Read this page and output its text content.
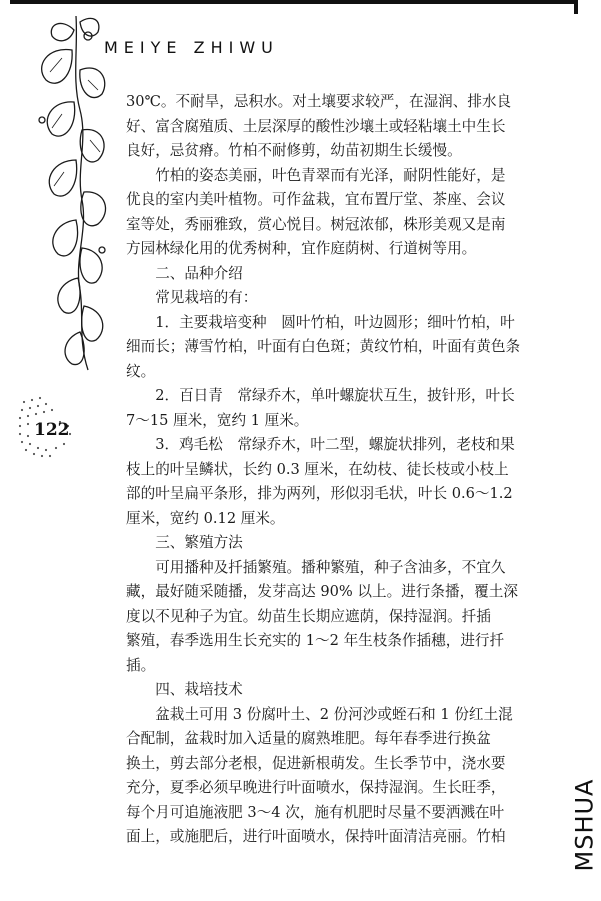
MEIYE ZHIWU
122
30℃。不耐旱，忌积水。对土壤要求较严，在湿润、排水良
好、富含腐殖质、土层深厚的酸性沙壤土或轻粘壤土中生长
良好，忌贫瘠。竹柏不耐修剪，幼苗初期生长缓慢。
　　竹柏的姿态美丽，叶色青翠而有光泽，耐阴性能好，是
优良的室内美叶植物。可作盆栽，宜布置厅堂、茶座、会议
室等处，秀丽雅致，赏心悦目。树冠浓郁，株形美观又是南
方园林绿化用的优秀树种，宜作庭荫树、行道树等用。
　　二、品种介绍
　　常见栽培的有：
　　1．主要栽培变种　圆叶竹柏，叶边圆形；细叶竹柏，叶
细而长；薄雪竹柏，叶面有白色斑；黄纹竹柏，叶面有黄色条
纹。
　　2．百日青　常绿乔木，单叶螺旋状互生，披针形，叶长
7～15 厘米，宽约 1 厘米。
　　3．鸡毛松　常绿乔木，叶二型，螺旋状排列，老枝和果
枝上的叶呈鳞状，长约 0.3 厘米，在幼枝、徒长枝或小枝上
部的叶呈扁平条形，排为两列，形似羽毛状，叶长 0.6～1.2
厘米，宽约 0.12 厘米。
　　三、繁殖方法
　　可用播种及扦插繁殖。播种繁殖，种子含油多，不宜久
藏，最好随采随播，发芽高达 90% 以上。进行条播，覆土深
度以不见种子为宜。幼苗生长期应遮荫，保持湿润。扦插
繁殖，春季选用生长充实的 1～2 年生枝条作插穗，进行扦
插。
　　四、栽培技术
　　盆栽土可用 3 份腐叶土、2 份河沙或蛭石和 1 份红土混
合配制，盆栽时加入适量的腐熟堆肥。每年春季进行换盆
换土，剪去部分老根，促进新根萌发。生长季节中，浇水要
充分，夏季必须早晚进行叶面喷水，保持湿润。生长旺季，
每个月可追施液肥 3～4 次，施有机肥时尽量不要洒溅在叶
面上，或施肥后，进行叶面喷水，保持叶面清洁亮丽。竹柏	MSHUA
